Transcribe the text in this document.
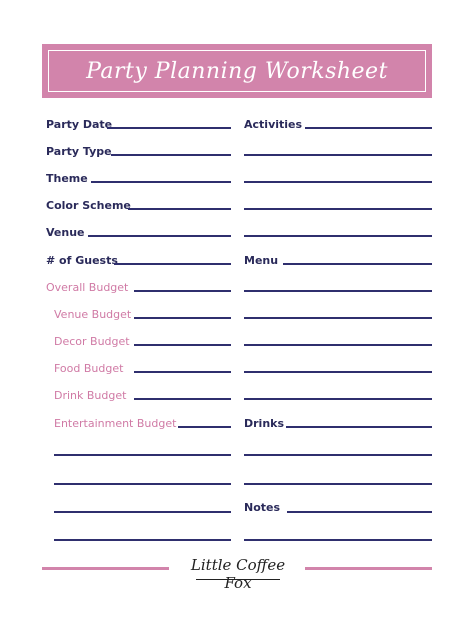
Party Planning Worksheet
Party Date
Party Type
Theme
Color Scheme
Venue
# of Guests
Overall Budget
Venue Budget
Decor Budget
Food Budget
Drink Budget
Entertainment Budget
Activities
Menu
Drinks
Notes
Little Coffee Fox
